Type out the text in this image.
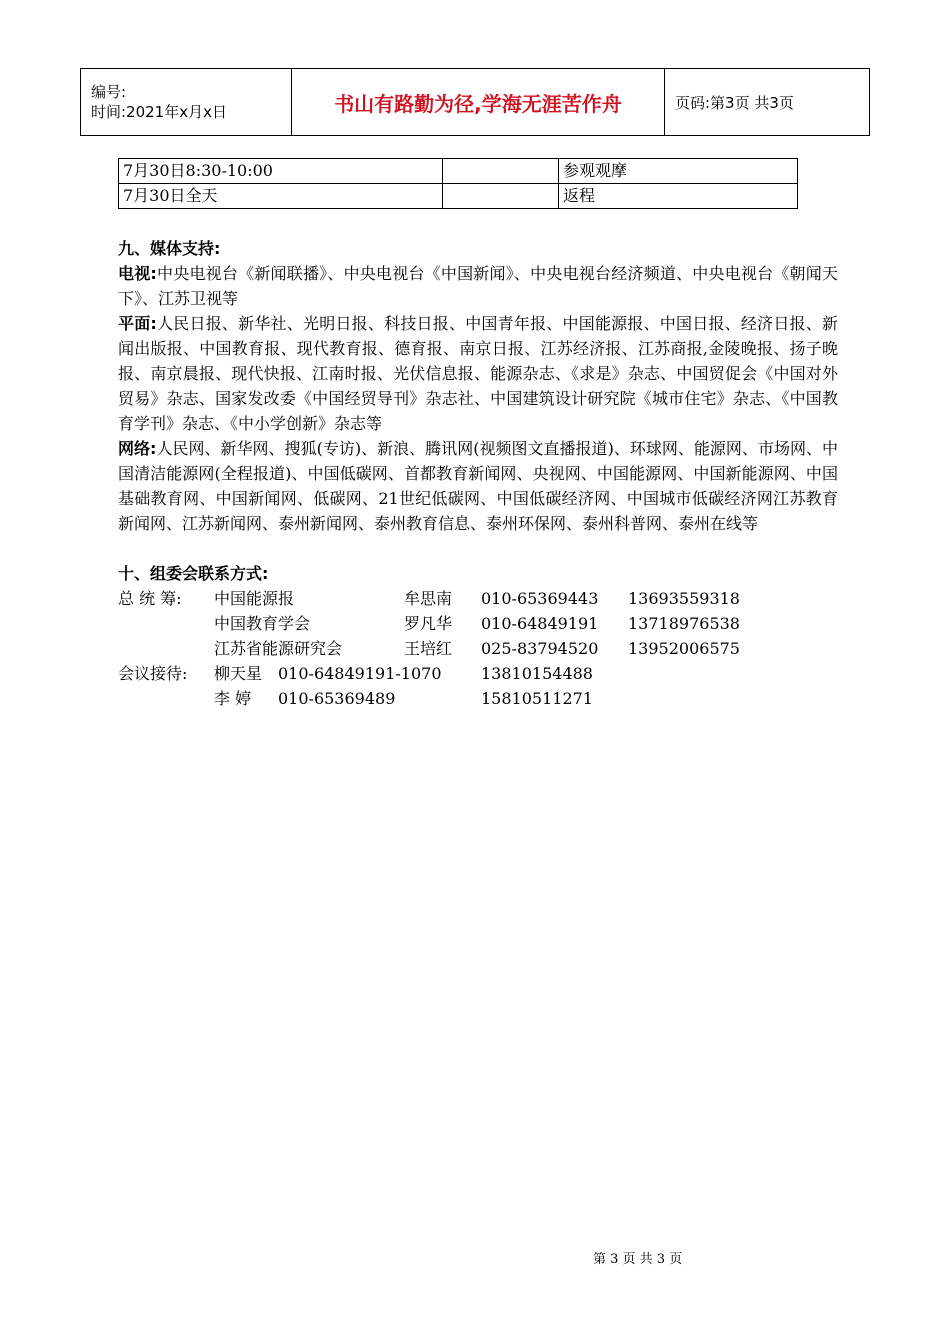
编号:
时间:2021年x月x日	书山有路勤为径,学海无涯苦作舟	页码:第3页 共3页
7月30日8:30-10:00		参观观摩
7月30日全天		返程
九、媒体支持:

电视:中央电视台《新闻联播》、中央电视台《中国新闻》、中央电视台经济频道、中央电视台《朝闻天下》、江苏卫视等

平面:人民日报、新华社、光明日报、科技日报、中国青年报、中国能源报、中国日报、经济日报、新闻出版报、中国教育报、现代教育报、德育报、南京日报、江苏经济报、江苏商报,金陵晚报、扬子晚报、南京晨报、现代快报、江南时报、光伏信息报、能源杂志、《求是》杂志、中国贸促会《中国对外贸易》杂志、国家发改委《中国经贸导刊》杂志社、中国建筑设计研究院《城市住宅》杂志、《中国教育学刊》杂志、《中小学创新》杂志等

网络:人民网、新华网、搜狐(专访)、新浪、腾讯网(视频图文直播报道)、环球网、能源网、市场网、中国清洁能源网(全程报道)、中国低碳网、首都教育新闻网、央视网、中国能源网、中国新能源网、中国基础教育网、中国新闻网、低碳网、21世纪低碳网、中国低碳经济网、中国城市低碳经济网江苏教育新闻网、江苏新闻网、泰州新闻网、泰州教育信息、泰州环保网、泰州科普网、泰州在线等

十、组委会联系方式:
总 统 筹: 中国能源报	牟思南 010-65369443 13693559318
中国教育学会	罗凡华 010-64849191 13718976538
江苏省能源研究会	王培红 025-83794520 13952006575
会议接待: 柳天星 010-64849191-1070 13810154488
李 婷 010-65369489	15810511271
第 3 页 共 3 页
